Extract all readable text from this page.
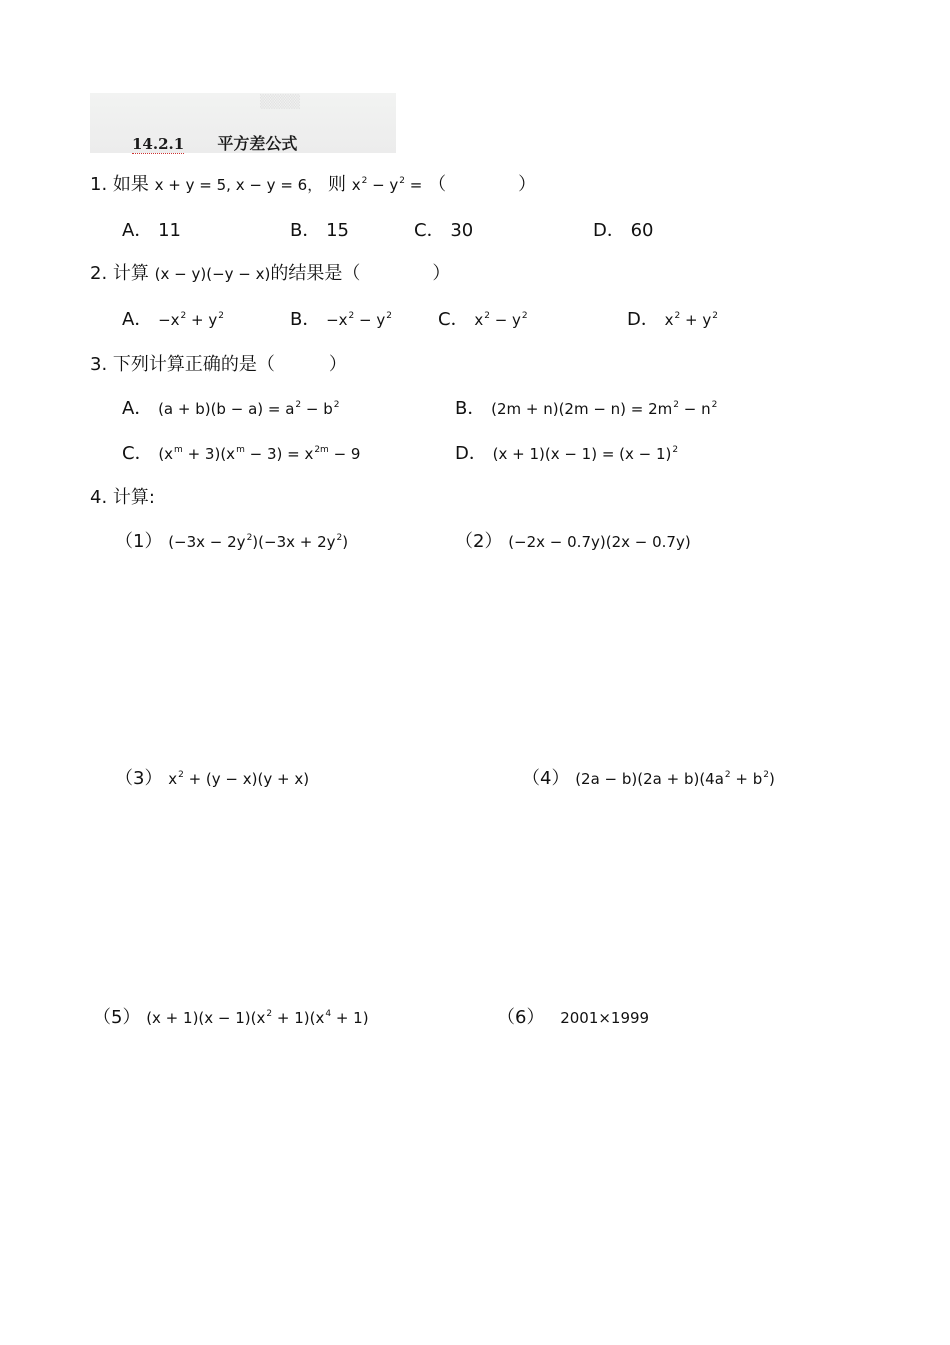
▒▒▒▒
14.2.1 平方差公式
1. 如果 x + y = 5, x − y = 6， 则 $x^2 - y^2$ = （　　　　）
A． 11	B． 15	C． 30	D． 60
2. 计算 (x − y)(−y − x)的结果是（　　　　）
A． $-x^2 + y^2$	B． $-x^2 - y^2$	C． $x^2 - y^2$	D． $x^2 + y^2$
3. 下列计算正确的是（　　　）
A． $(a + b)(b - a) = a^2 - b^2$	B． $(2m + n)(2m - n) = 2m^2 - n^2$
C． $(x^m + 3)(x^m - 3) = x^{2m} - 9$	D． $(x + 1)(x - 1) = (x - 1)^2$
4. 计算:
（1） $(-3x - 2y^2)(-3x + 2y^2)$	（2） (−2x − 0.7y)(2x − 0.7y)
（3） $x^2 + (y - x)(y + x)$	（4） $(2a - b)(2a + b)(4a^2 + b^2)$
（5） $(x + 1)(x - 1)(x^2 + 1)(x^4 + 1)$	（6） 2001×1999
